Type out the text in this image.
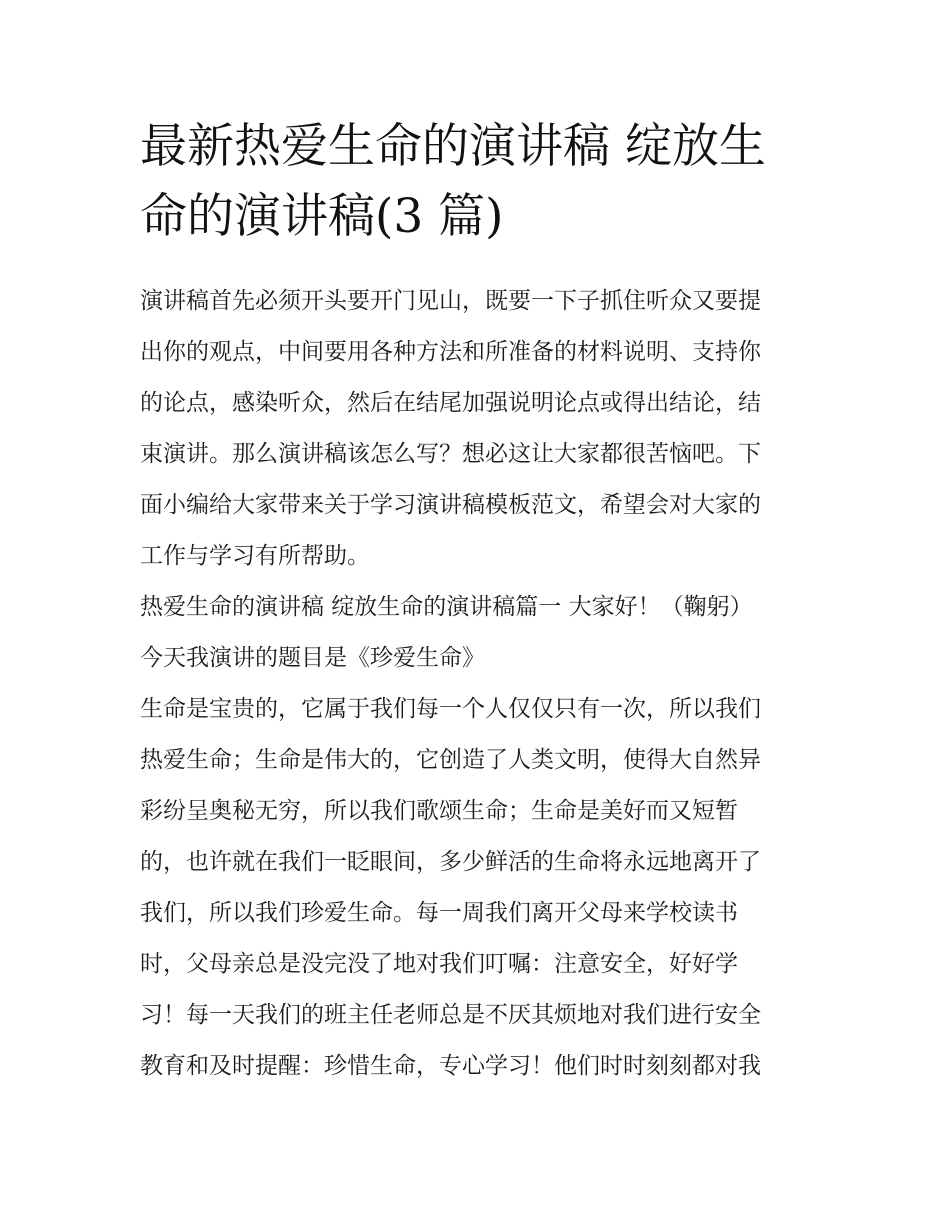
最新热爱生命的演讲稿 绽放生
命的演讲稿(3 篇)

演讲稿首先必须开头要开门见山，既要一下子抓住听众又要提
出你的观点，中间要用各种方法和所准备的材料说明、支持你
的论点，感染听众，然后在结尾加强说明论点或得出结论，结
束演讲。那么演讲稿该怎么写？想必这让大家都很苦恼吧。下
面小编给大家带来关于学习演讲稿模板范文，希望会对大家的
工作与学习有所帮助。

热爱生命的演讲稿 绽放生命的演讲稿篇一 大家好！（鞠躬）

今天我演讲的题目是《珍爱生命》

生命是宝贵的，它属于我们每一个人仅仅只有一次，所以我们
热爱生命；生命是伟大的，它创造了人类文明，使得大自然异
彩纷呈奥秘无穷，所以我们歌颂生命；生命是美好而又短暂
的，也许就在我们一眨眼间，多少鲜活的生命将永远地离开了
我们，所以我们珍爱生命。每一周我们离开父母来学校读书
时，父母亲总是没完没了地对我们叮嘱：注意安全，好好学
习！每一天我们的班主任老师总是不厌其烦地对我们进行安全
教育和及时提醒：珍惜生命，专心学习！他们时时刻刻都对我
